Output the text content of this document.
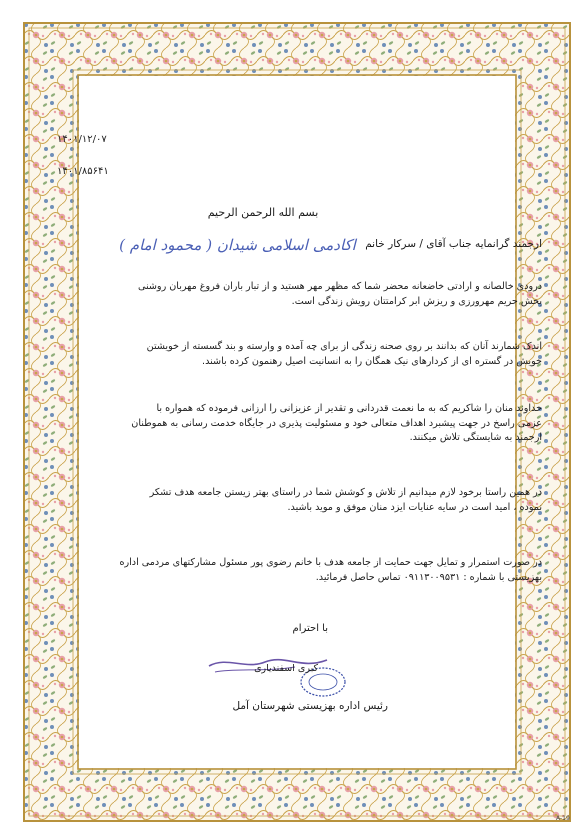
۱۴۰۱/۱۲/۰۷
۱۴۰۱/۸۵۶۴۱
بسم الله الرحمن الرحیم
ارجمند گرانمایه جناب آقای / سرکار خانم اکادمی اسلامی شیدان ( محمود امام )
درودی خالصانه و ارادتی خاضعانه محضر شما که مظهر مهر هستید و از تبار باران فروغ مهربان روشنی
بخش حریم مهرورزی و ریزش ابر کرامتتان رویش زندگی است.
اندک شمارند آنان که بدانند بر روی صحنه زندگی از برای چه آمده و وارسته و بند گسسته از خویشتن
خویش در گستره ای از کردارهای نیک همگان را به انسانیت اصیل رهنمون کرده باشند.
خداوند منان را شاکریم که به ما نعمت قدردانی و تقدیر از عزیزانی را ارزانی فرموده که همواره با
عزمی راسخ در جهت پیشبرد اهداف متعالی خود و مسئولیت پذیری در جایگاه خدمت رسانی به هموطنان
ارجمند به شایستگی تلاش میکنند.
در همین راستا برخود لازم میدانیم از تلاش و کوشش شما در راستای بهتر زیستن جامعه هدف تشکر
نموده ، امید است در سایه عنایات ایزد منان موفق و موید باشید.
در صورت استمرار و تمایل جهت حمایت از جامعه هدف با خانم رضوی پور مسئول مشارکتهای مردمی اداره
بهزیستی با شماره : ۰۹۱۱۳۰۰۹۵۳۱ تماس حاصل فرمائید.
با احترام
کبری اسفندیاری
رئیس اداره بهزیستی شهرستان آمل
A-19
